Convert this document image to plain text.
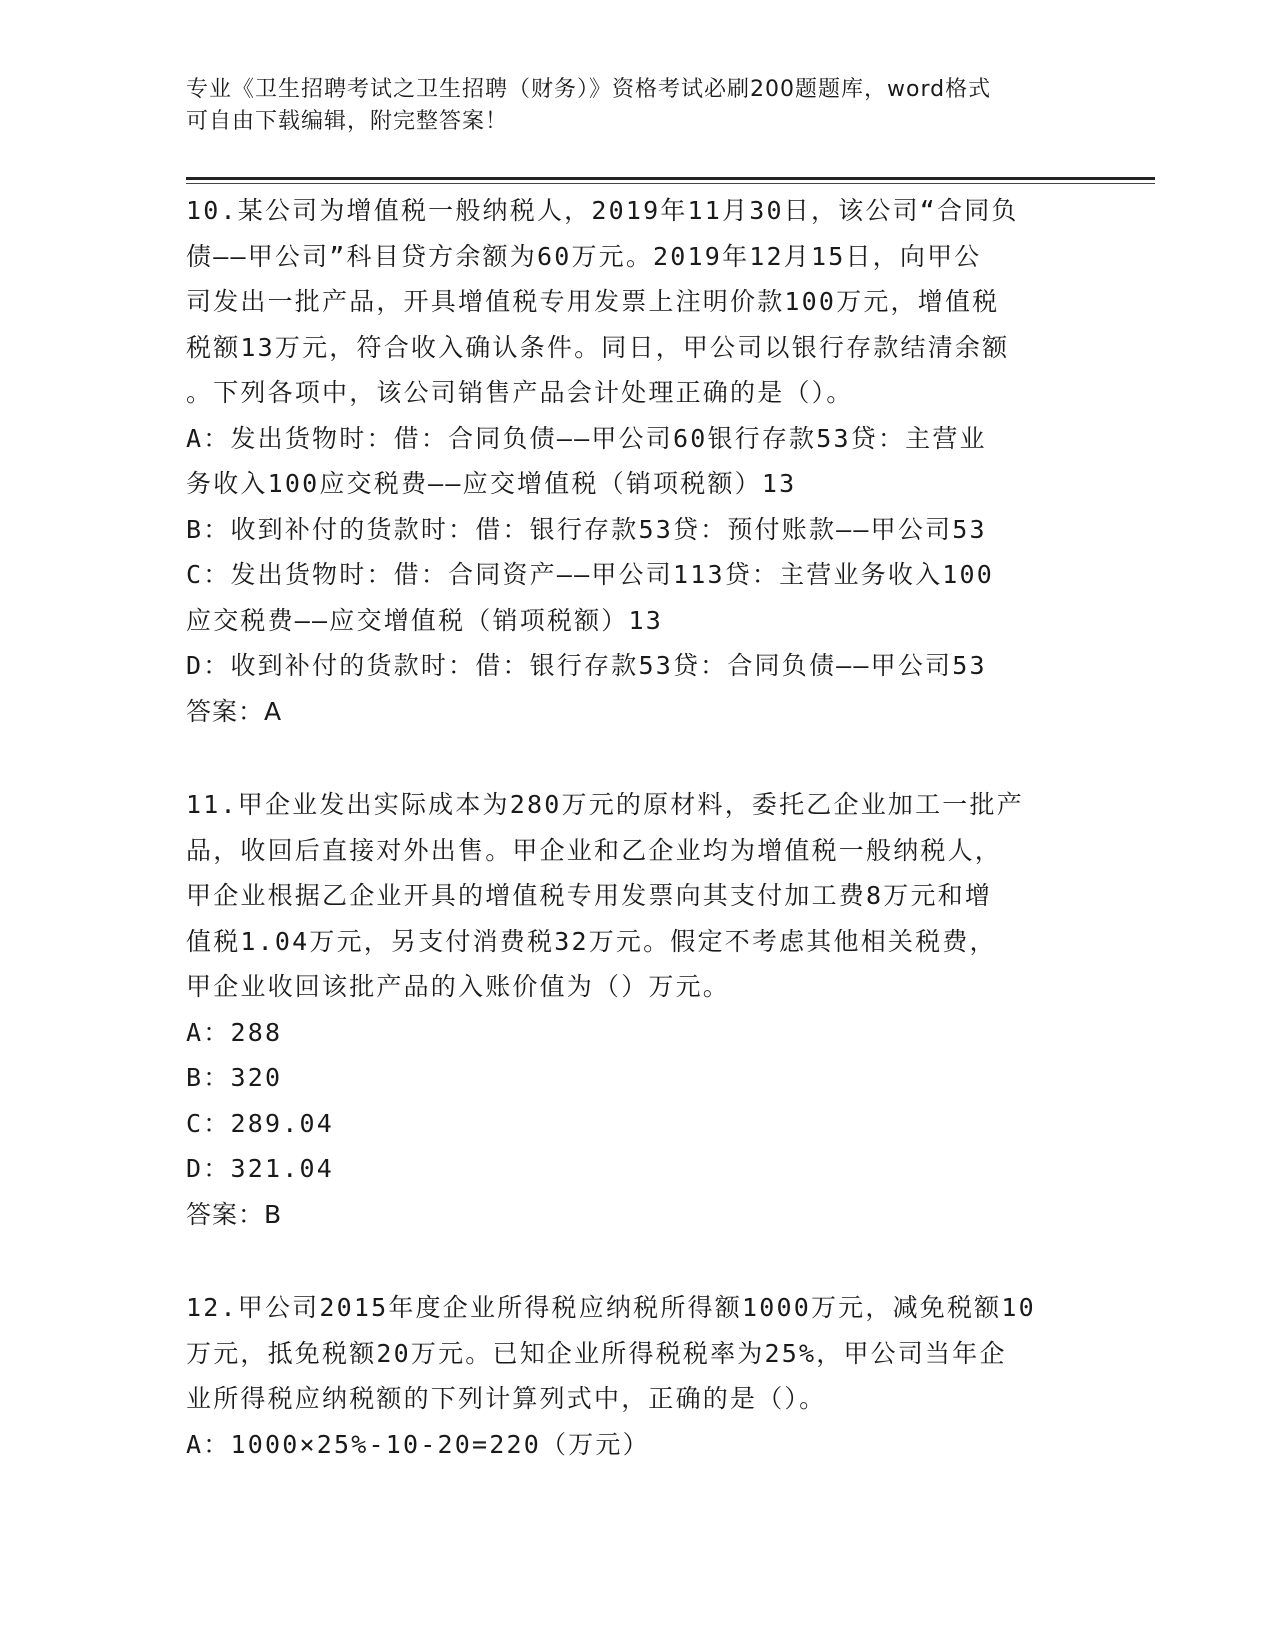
专业《卫生招聘考试之卫生招聘（财务）》资格考试必刷200题题库，word格式
可自由下载编辑，附完整答案！
10.某公司为增值税一般纳税人，2019年11月30日，该公司“合同负
债——甲公司”科目贷方余额为60万元。2019年12月15日，向甲公
司发出一批产品，开具增值税专用发票上注明价款100万元，增值税
税额13万元，符合收入确认条件。同日，甲公司以银行存款结清余额
。下列各项中，该公司销售产品会计处理正确的是（）。
A：发出货物时：借：合同负债——甲公司60银行存款53贷：主营业
务收入100应交税费——应交增值税（销项税额）13
B：收到补付的货款时：借：银行存款53贷：预付账款——甲公司53
C：发出货物时：借：合同资产——甲公司113贷：主营业务收入100
应交税费——应交增值税（销项税额）13
D：收到补付的货款时：借：银行存款53贷：合同负债——甲公司53
答案：A
11.甲企业发出实际成本为280万元的原材料，委托乙企业加工一批产
品，收回后直接对外出售。甲企业和乙企业均为增值税一般纳税人，
甲企业根据乙企业开具的增值税专用发票向其支付加工费8万元和增
值税1.04万元，另支付消费税32万元。假定不考虑其他相关税费，
甲企业收回该批产品的入账价值为（）万元。
A：288
B：320
C：289.04
D：321.04
答案：B
12.甲公司2015年度企业所得税应纳税所得额1000万元，减免税额10
万元，抵免税额20万元。已知企业所得税税率为25%，甲公司当年企
业所得税应纳税额的下列计算列式中，正确的是（）。
A：1000×25%-10-20=220（万元）
